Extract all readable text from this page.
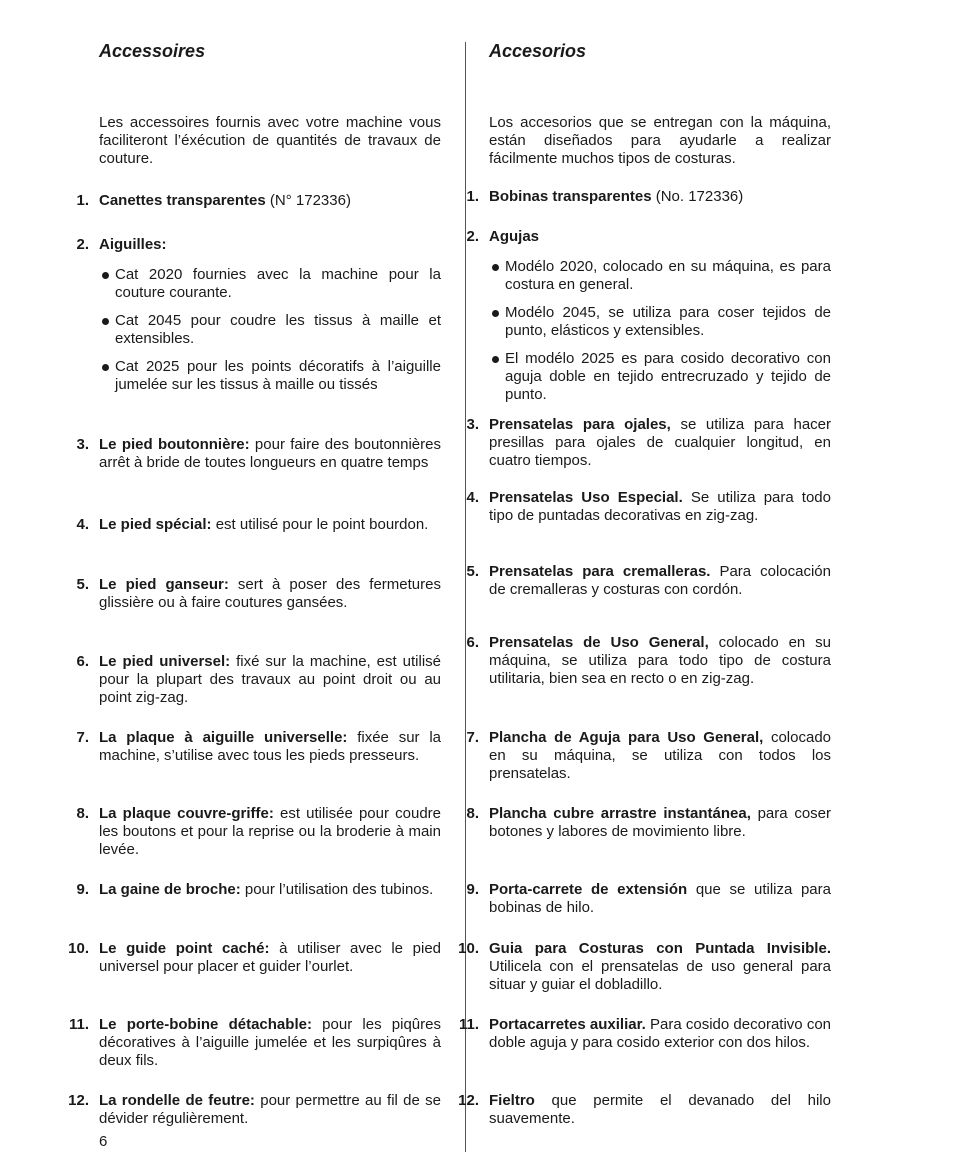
Accessoires

Les accessoires fournis avec votre machine vous faciliteront l’éxécution de quantités de travaux de couture.

1. Canettes transparentes (N° 172336)
2. Aiguilles:
Cat 2020 fournies avec la machine pour la couture courante.
Cat 2045 pour coudre les tissus à maille et extensibles.
Cat 2025 pour les points décoratifs à l’aiguille jumelée sur les tissus à maille ou tissés
3. Le pied boutonnière: pour faire des boutonnières arrêt à bride de toutes longueurs en quatre temps
4. Le pied spécial: est utilisé pour le point bourdon.
5. Le pied ganseur: sert à poser des fermetures glissière ou à faire coutures gansées.
6. Le pied universel: fixé sur la machine, est utilisé pour la plupart des travaux au point droit ou au point zig-zag.
7. La plaque à aiguille universelle: fixée sur la machine, s’utilise avec tous les pieds presseurs.
8. La plaque couvre-griffe: est utilisée pour coudre les boutons et pour la reprise ou la broderie à main levée.
9. La gaine de broche: pour l’utilisation des tubinos.
10. Le guide point caché: à utiliser avec le pied universel pour placer et guider l’ourlet.
11. Le porte-bobine détachable: pour les piqûres décoratives à l’aiguille jumelée et les surpiqûres à deux fils.
12. La rondelle de feutre: pour permettre au fil de se dévider régulièrement.
Accesorios

Los accesorios que se entregan con la máquina, están diseñados para ayudarle a realizar fácilmente muchos tipos de costuras.

1. Bobinas transparentes (No. 172336)
2. Agujas
Modélo 2020, colocado en su máquina, es para costura en general.
Modélo 2045, se utiliza para coser tejidos de punto, elásticos y extensibles.
El modélo 2025 es para cosido decorativo con aguja doble en tejido entrecruzado y tejido de punto.
3. Prensatelas para ojales, se utiliza para hacer presillas para ojales de cualquier longitud, en cuatro tiempos.
4. Prensatelas Uso Especial. Se utiliza para todo tipo de puntadas decorativas en zig-zag.
5. Prensatelas para cremalleras. Para colocación de cremalleras y costuras con cordón.
6. Prensatelas de Uso General, colocado en su máquina, se utiliza para todo tipo de costura utilitaria, bien sea en recto o en zig-zag.
7. Plancha de Aguja para Uso General, colocado en su máquina, se utiliza con todos los prensatelas.
8. Plancha cubre arrastre instantánea, para coser botones y labores de movimiento libre.
9. Porta-carrete de extensión que se utiliza para bobinas de hilo.
10. Guia para Costuras con Puntada Invisible. Utilicela con el prensatelas de uso general para situar y guiar el dobladillo.
11. Portacarretes auxiliar. Para cosido decorativo con doble aguja y para cosido exterior con dos hilos.
12. Fieltro que permite el devanado del hilo suavemente.
6
